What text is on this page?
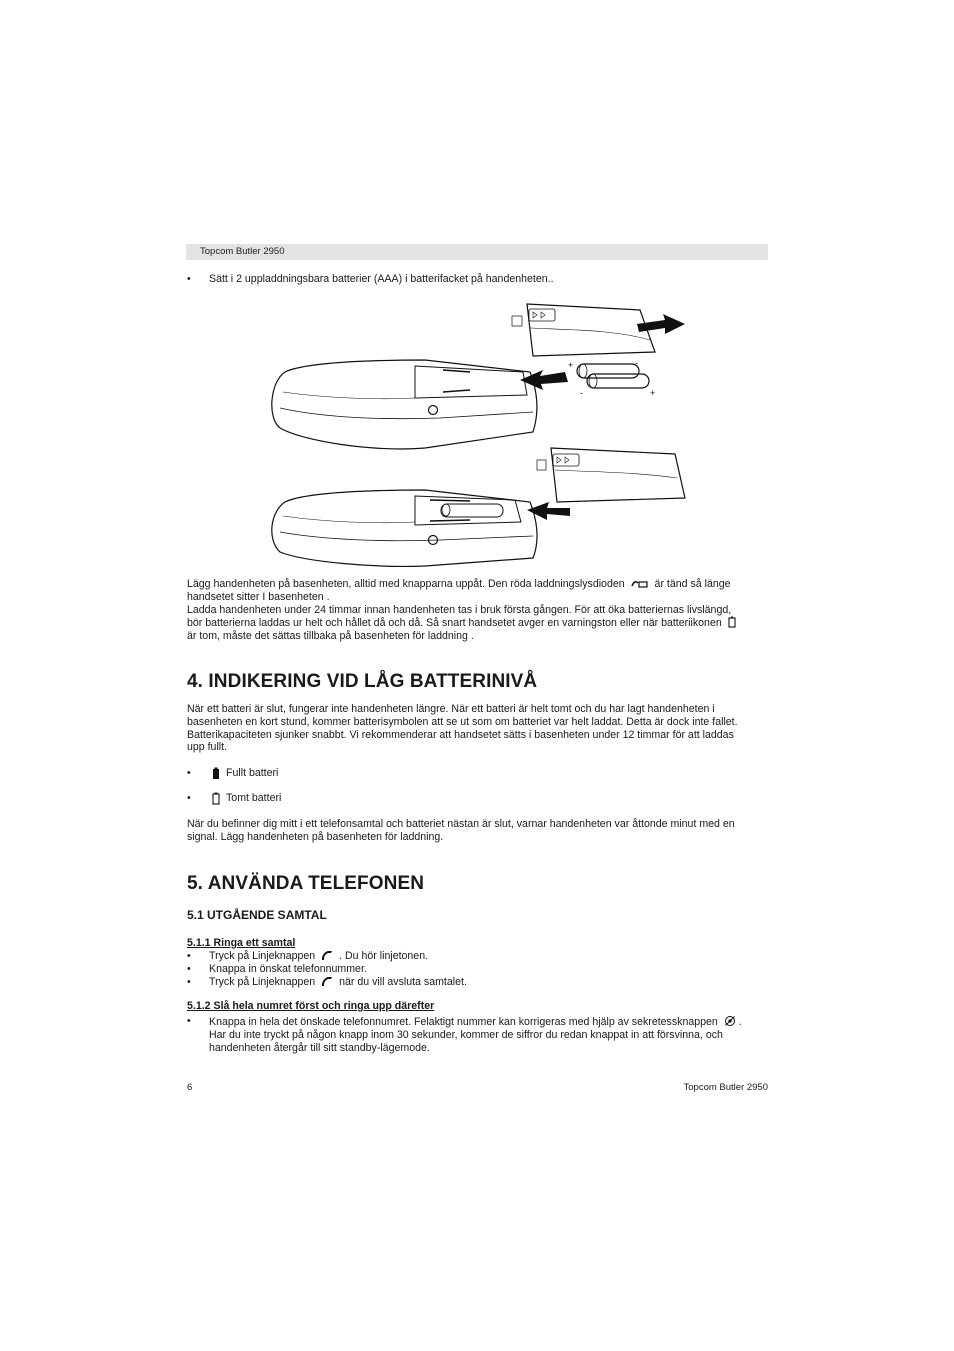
Topcom Butler 2950
• Sätt i 2 uppladdningsbara batterier (AAA) i batterifacket på handenheten..
+	-
-	+
Lägg handenheten på basenheten, alltid med knapparna uppåt. Den röda laddningslysdioden	är tänd så länge
handsetet sitter I basenheten .
Ladda handenheten under 24 timmar innan handenheten tas i bruk första gången. För att öka batteriernas livslängd,
bör batterierna laddas ur helt och hållet då och då. Så snart handsetet avger en varningston eller när batteriikonen
är tom, måste det sättas tillbaka på basenheten för laddning .
4. INDIKERING VID LÅG BATTERINIVÅ
När ett batteri är slut, fungerar inte handenheten längre. När ett batteri är helt tomt och du har lagt handenheten i
basenheten en kort stund, kommer batterisymbolen att se ut som om batteriet var helt laddat. Detta är dock inte fallet.
Batterikapaciteten sjunker snabbt. Vi rekommenderar att handsetet sätts i basenheten under 12 timmar för att laddas
upp fullt.
•	Fullt batteri
•	Tomt batteri
När du befinner dig mitt i ett telefonsamtal och batteriet nästan är slut, varnar handenheten var åttonde minut med en
signal. Lägg handenheten på basenheten för laddning.
5. ANVÄNDA TELEFONEN
5.1 UTGÅENDE SAMTAL
5.1.1 Ringa ett samtal
• Tryck på Linjeknappen . Du hör linjetonen.
• Knappa in önskat telefonnummer.
• Tryck på Linjeknappen när du vill avsluta samtalet.
5.1.2 Slå hela numret först och ringa upp därefter
• Knappa in hela det önskade telefonnumret. Felaktigt nummer kan korrigeras med hjälp av sekretessknappen .
Har du inte tryckt på någon knapp inom 30 sekunder, kommer de siffror du redan knappat in att försvinna, och
handenheten återgår till sitt standby-lägemode.
6	Topcom Butler 2950
